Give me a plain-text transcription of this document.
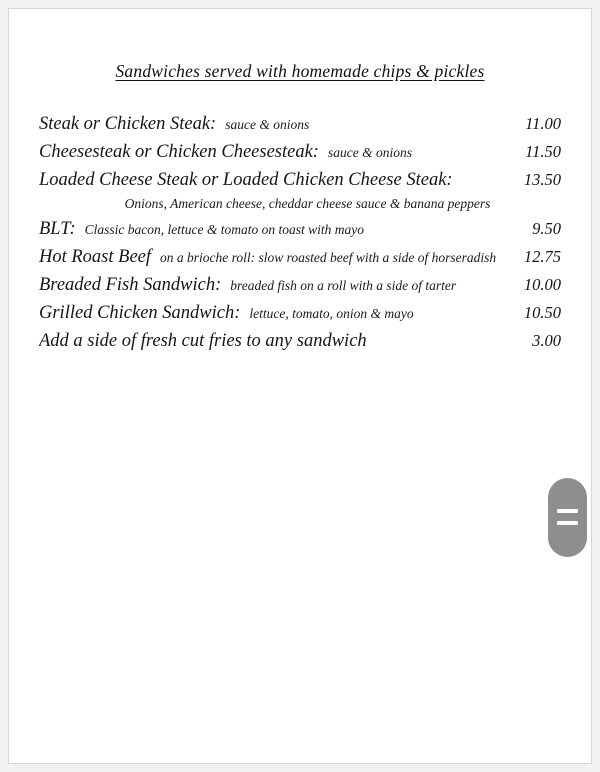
Sandwiches served with homemade chips & pickles
Steak or Chicken Steak: sauce & onions	11.00
Cheesesteak or Chicken Cheesesteak: sauce & onions	11.50
Loaded Cheese Steak or Loaded Chicken Cheese Steak:	13.50
Onions, American cheese, cheddar cheese sauce & banana peppers
BLT: Classic bacon, lettuce & tomato on toast with mayo	9.50
Hot Roast Beef on a brioche roll: slow roasted beef with a side of horseradish	12.75
Breaded Fish Sandwich: breaded fish on a roll with a side of tarter	10.00
Grilled Chicken Sandwich: lettuce, tomato, onion & mayo	10.50
Add a side of fresh cut fries to any sandwich	3.00
